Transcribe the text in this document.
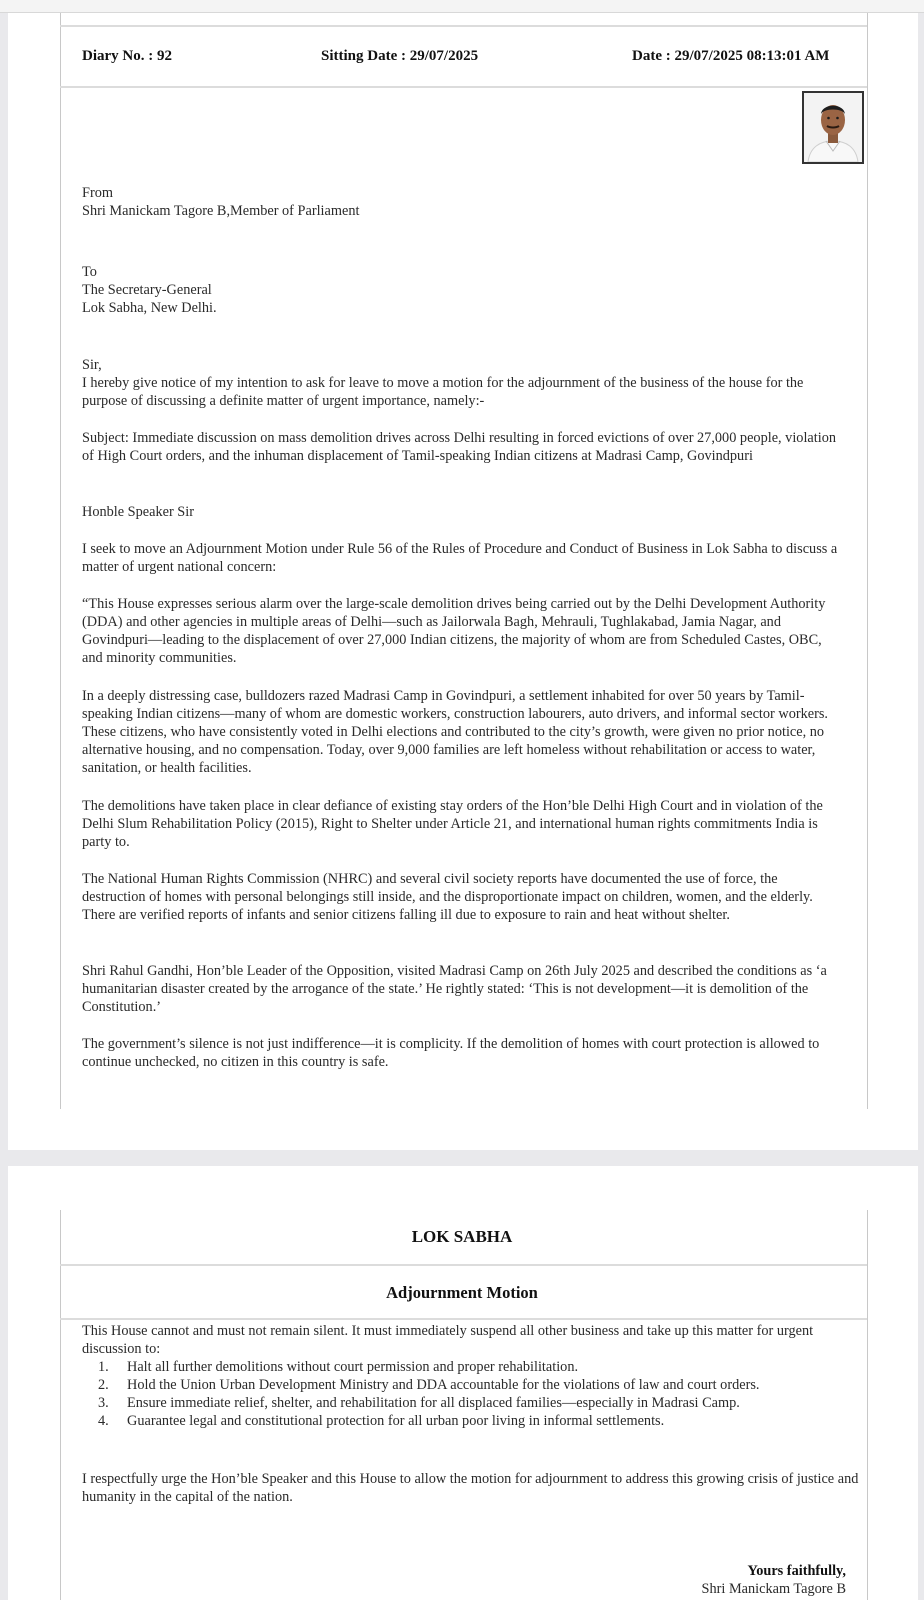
Diary No. : 92	Sitting Date : 29/07/2025	Date : 29/07/2025 08:13:01 AM
From
Shri Manickam Tagore B,Member of Parliament
To
The Secretary-General
Lok Sabha, New Delhi.

Sir,

I hereby give notice of my intention to ask for leave to move a motion for the adjournment of the business of the house for the purpose of discussing a definite matter of urgent importance, namely:-

Subject: Immediate discussion on mass demolition drives across Delhi resulting in forced evictions of over 27,000 people, violation of High Court orders, and the inhuman displacement of Tamil-speaking Indian citizens at Madrasi Camp, Govindpuri

Honble Speaker Sir

I seek to move an Adjournment Motion under Rule 56 of the Rules of Procedure and Conduct of Business in Lok Sabha to discuss a matter of urgent national concern:

“This House expresses serious alarm over the large-scale demolition drives being carried out by the Delhi Development Authority (DDA) and other agencies in multiple areas of Delhi—such as Jailorwala Bagh, Mehrauli, Tughlakabad, Jamia Nagar, and Govindpuri—leading to the displacement of over 27,000 Indian citizens, the majority of whom are from Scheduled Castes, OBC, and minority communities.

In a deeply distressing case, bulldozers razed Madrasi Camp in Govindpuri, a settlement inhabited for over 50 years by Tamil-speaking Indian citizens—many of whom are domestic workers, construction labourers, auto drivers, and informal sector workers. These citizens, who have consistently voted in Delhi elections and contributed to the city’s growth, were given no prior notice, no alternative housing, and no compensation. Today, over 9,000 families are left homeless without rehabilitation or access to water, sanitation, or health facilities.

The demolitions have taken place in clear defiance of existing stay orders of the Hon’ble Delhi High Court and in violation of the Delhi Slum Rehabilitation Policy (2015), Right to Shelter under Article 21, and international human rights commitments India is party to.

The National Human Rights Commission (NHRC) and several civil society reports have documented the use of force, the destruction of homes with personal belongings still inside, and the disproportionate impact on children, women, and the elderly. There are verified reports of infants and senior citizens falling ill due to exposure to rain and heat without shelter.

Shri Rahul Gandhi, Hon’ble Leader of the Opposition, visited Madrasi Camp on 26th July 2025 and described the conditions as ‘a humanitarian disaster created by the arrogance of the state.’ He rightly stated: ‘This is not development—it is demolition of the Constitution.’

The government’s silence is not just indifference—it is complicity. If the demolition of homes with court protection is allowed to continue unchecked, no citizen in this country is safe.

LOK SABHA
Adjournment Motion

This House cannot and must not remain silent. It must immediately suspend all other business and take up this matter for urgent discussion to:

1. Halt all further demolitions without court permission and proper rehabilitation.
2. Hold the Union Urban Development Ministry and DDA accountable for the violations of law and court orders.
3. Ensure immediate relief, shelter, and rehabilitation for all displaced families—especially in Madrasi Camp.
4. Guarantee legal and constitutional protection for all urban poor living in informal settlements.

I respectfully urge the Hon’ble Speaker and this House to allow the motion for adjournment to address this growing crisis of justice and humanity in the capital of the nation.

Yours faithfully,
Shri Manickam Tagore B
